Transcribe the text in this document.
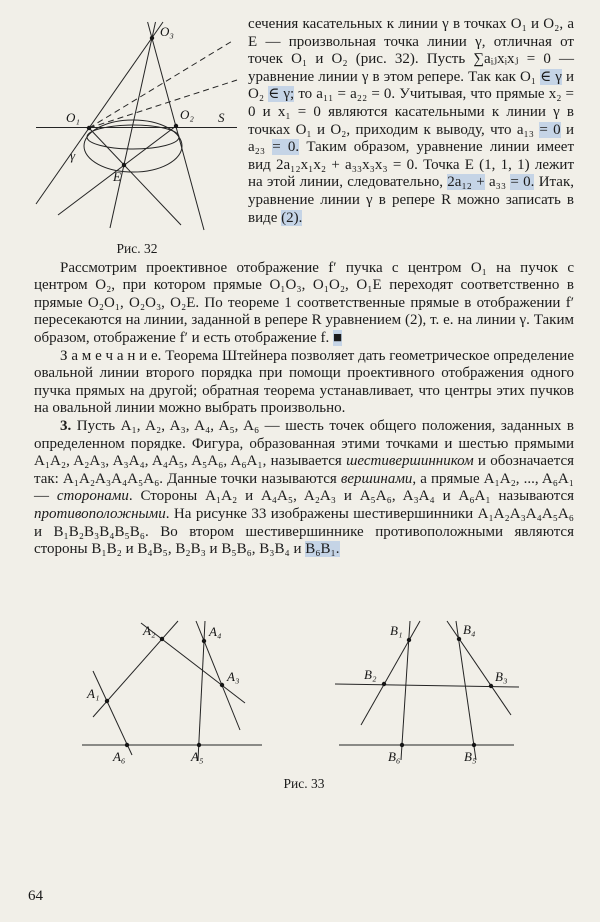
O₃
O₁	O₂ S
γ
E
Рис. 32

сечения касательных к линии γ в точках O₁ и O₂, а E — произвольная точка линии γ, отличная от точек O₁ и O₂ (рис. 32). Пусть ∑aᵢⱼxᵢxⱼ = 0 — уравнение линии γ в этом репере. Так как O₁ ∈ γ и O₂ ∈ γ; то a₁₁ = a₂₂ = 0. Учитывая, что прямые x₂ = 0 и x₁ = 0 являются касательными к линии γ в точках O₁ и O₂, приходим к выводу, что a₁₃ = 0 и a₂₃ = 0. Таким образом, уравнение линии имеет вид 2a₁₂x₁x₂ + a₃₃x₃x₃ = 0. Точка E (1, 1, 1) лежит на этой линии, следовательно, 2a₁₂ + a₃₃ = 0. Итак, уравнение линии γ в репере R можно записать в виде (2).

Рассмотрим проективное отображение f′ пучка с центром O₁ на пучок с центром O₂, при котором прямые O₁O₃, O₁O₂, O₁E переходят соответственно в прямые O₂O₁, O₂O₃, O₂E. По теореме 1 соответственные прямые в отображении f′ пересекаются на линии, заданной в репере R уравнением (2), т. е. на линии γ. Таким образом, отображение f′ и есть отображение f. ■

З а м е ч а н и е. Теорема Штейнера позволяет дать геометрическое определение овальной линии второго порядка при помощи проективного отображения одного пучка прямых на другой; обратная теорема устанавливает, что центры этих пучков на овальной линии можно выбрать произвольно.

3. Пусть A₁, A₂, A₃, A₄, A₅, A₆ — шесть точек общего положения, заданных в определенном порядке. Фигура, образованная этими точками и шестью прямыми A₁A₂, A₂A₃, A₃A₄, A₄A₅, A₅A₆, A₆A₁, называется шестивершинником и обозначается так: A₁A₂A₃A₄A₅A₆. Данные точки называются вершинами, а прямые A₁A₂, ..., A₆A₁ — сторонами. Стороны A₁A₂ и A₄A₅, A₂A₃ и A₅A₆, A₃A₄ и A₆A₁ называются противоположными. На рисунке 33 изображены шестивершинники A₁A₂A₃A₄A₅A₆ и B₁B₂B₃B₄B₅B₆. Во втором шестивершиннике противоположными являются стороны B₁B₂ и B₄B₅, B₂B₃ и B₅B₆, B₃B₄ и B₆B₁.

A₂	A₄
A₃
A₁
A₆	A₅
B₁	B₄
B₂	B₃
B₆	B₅
Рис. 33
64
